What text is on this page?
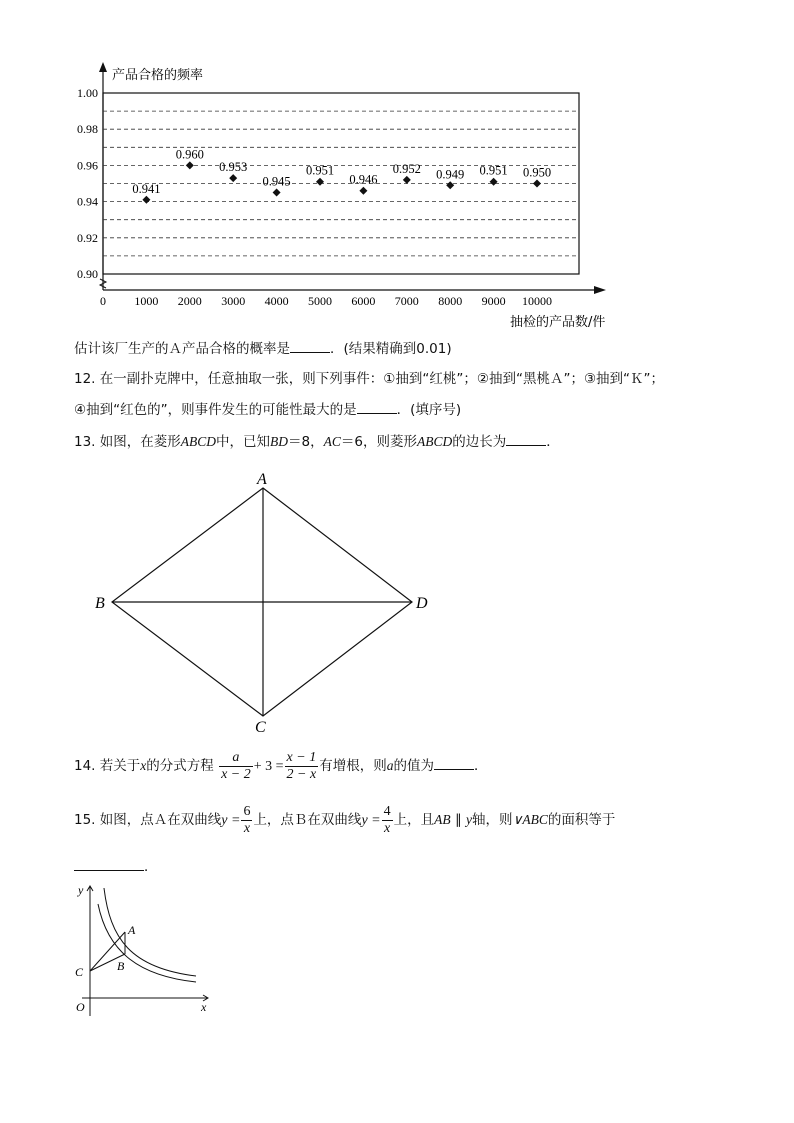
1.00
0.98
0.96
0.94
0.92
0.90
0 1000 2000 3000 4000 5000 6000 7000 8000 9000 10000
0.941
0.960
0.953
0.945
0.951
0.946
0.952 0.949 0.951 0.950
产品合格的频率
抽检的产品数/件
估计该厂生产的Ａ产品合格的概率是	．(结果精确到0.01)
12. 在一副扑克牌中，任意抽取一张，则下列事件：①抽到“红桃”；②抽到“黑桃Ａ”；③抽到“Ｋ”；
④抽到“红色的”，则事件发生的可能性最大的是	．(填序号)
13. 如图，在菱形ABCD中，已知BD＝8，AC＝6，则菱形ABCD的边长为	．
A
B
C
D
14. 若关于x的分式方程 $\frac{a}{x - 2} + 3 = \frac{x - 1}{2 - x}$ 有增根，则a的值为	．
15. 如图，点Ａ在双曲线$y = \frac{6}{x}$ 上，点Ｂ在双曲线$y = \frac{4}{x}$ 上，且AB ∥ y轴，则∨ABC的面积等于
．
y
x
O
A
B
C
